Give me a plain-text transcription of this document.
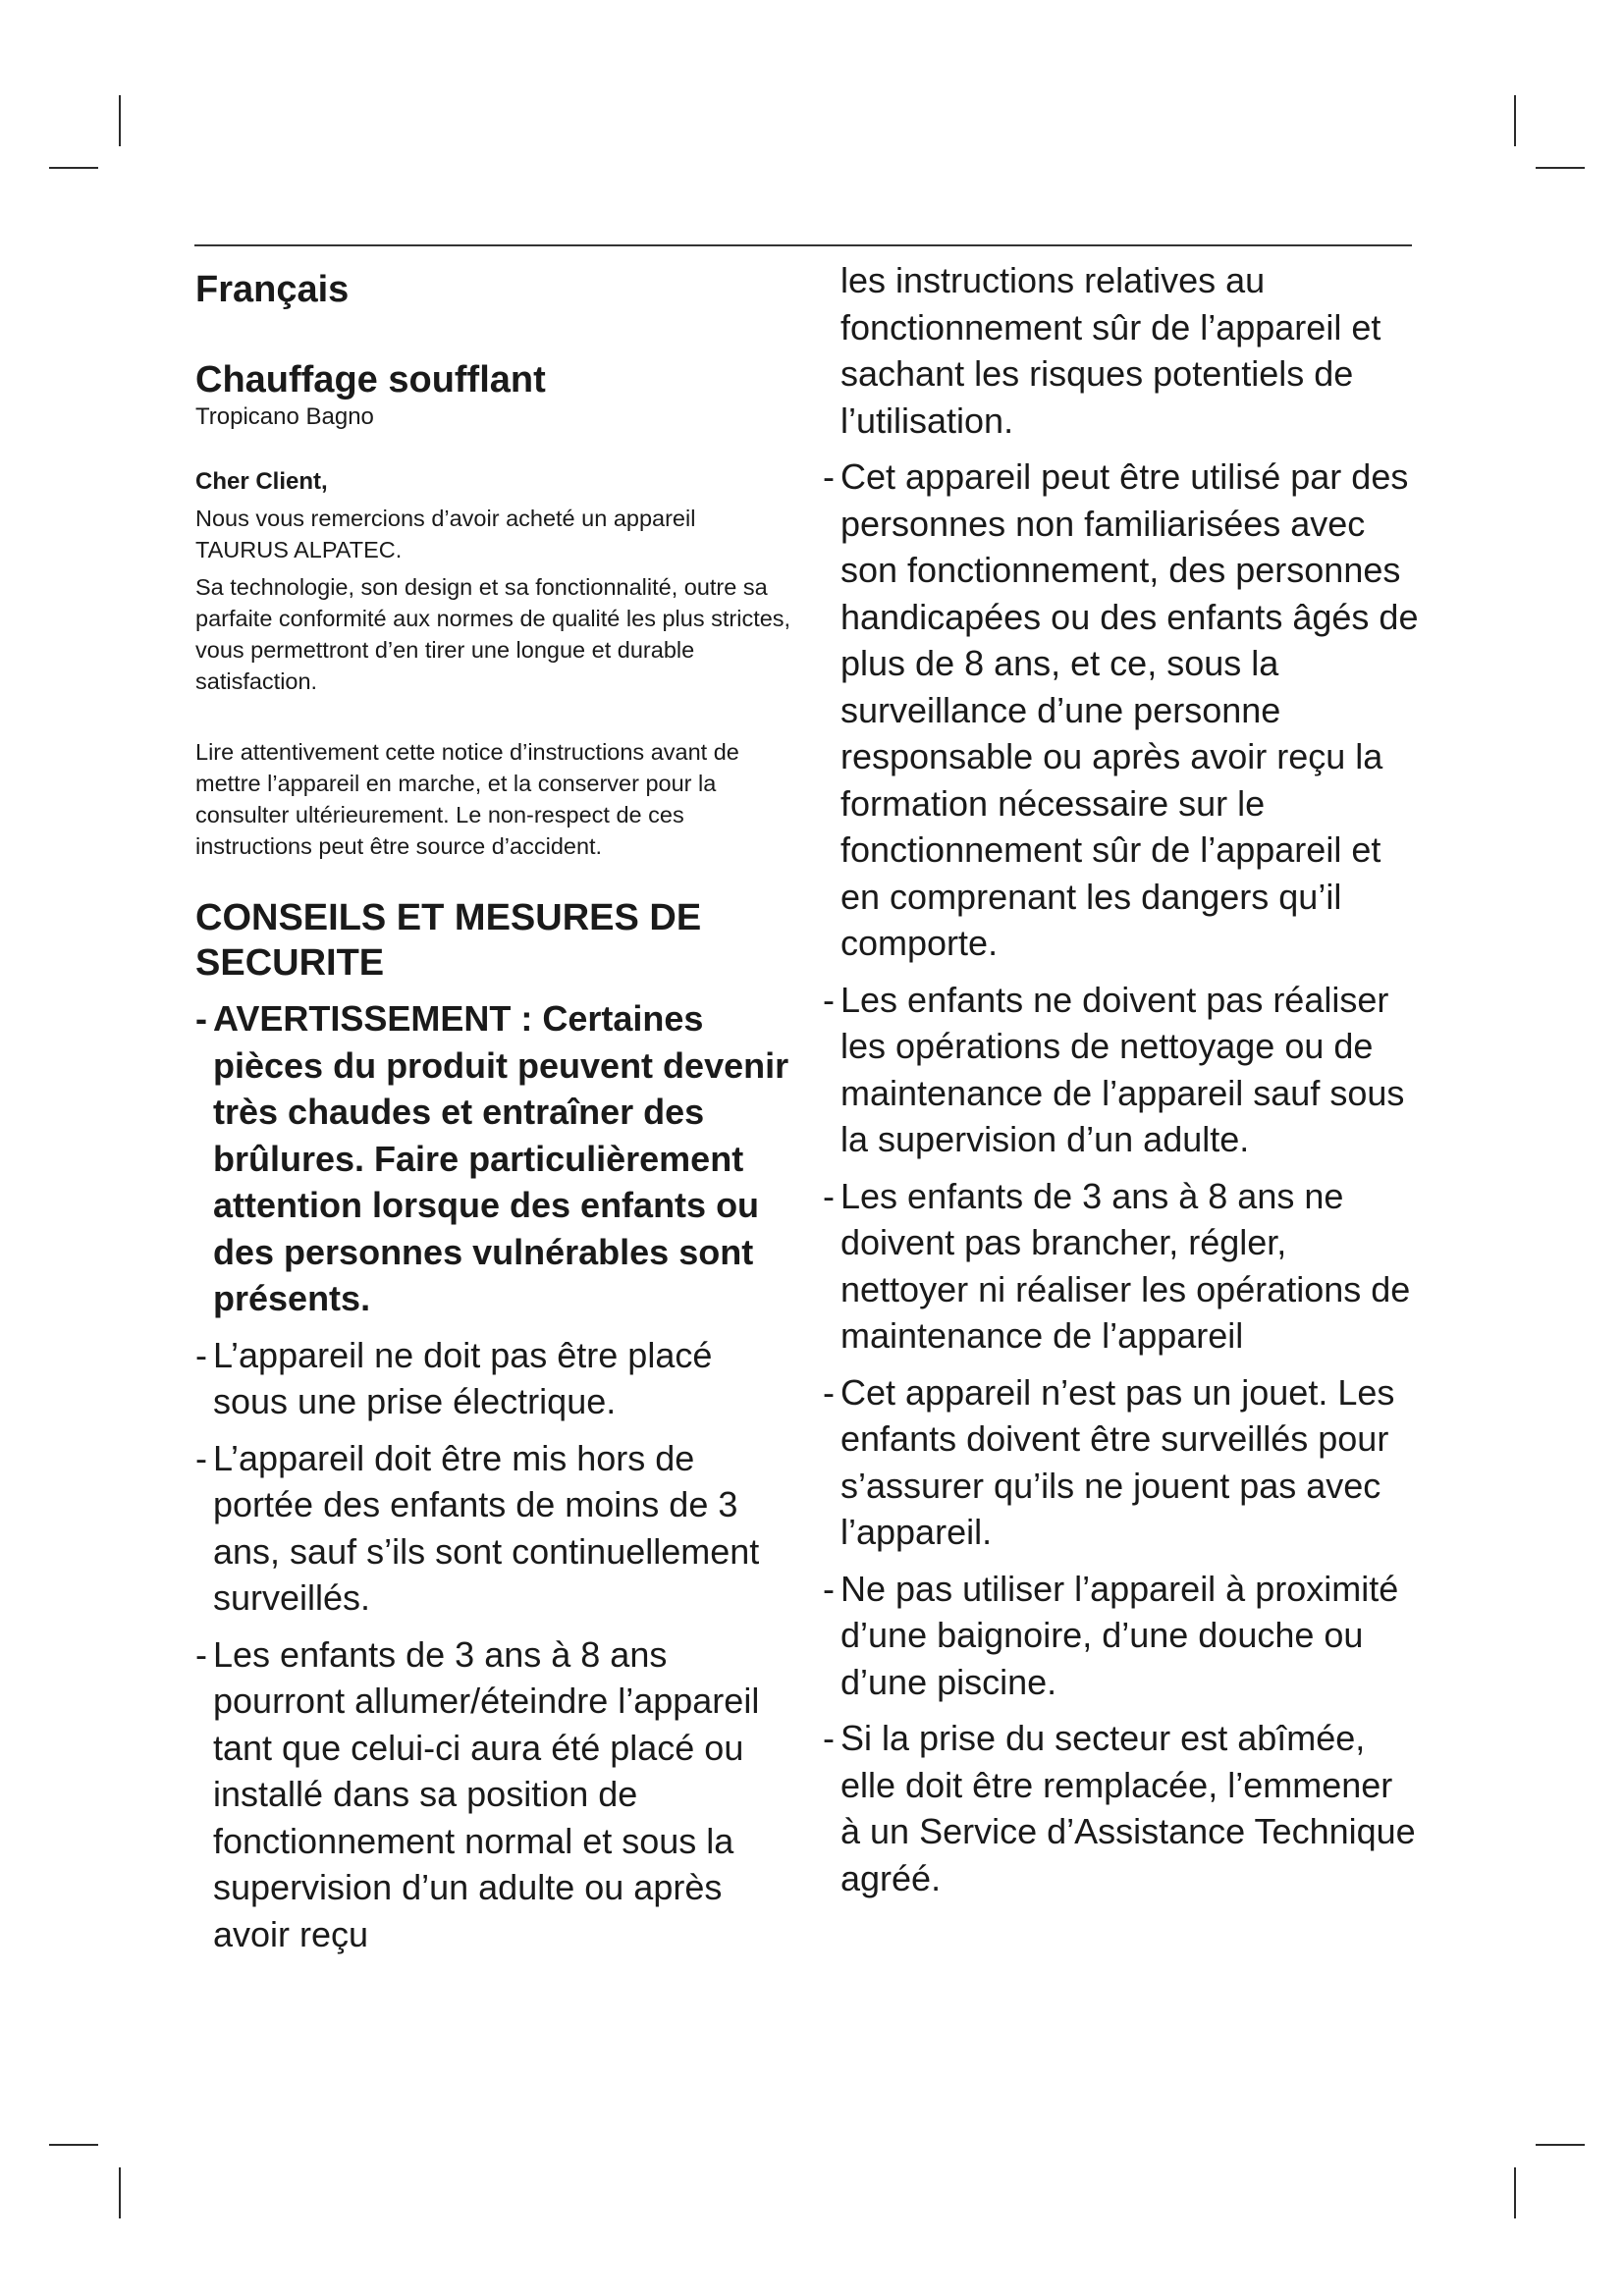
Français
Chauffage soufflant
Tropicano Bagno
Cher Client,

Nous vous remercions d’avoir acheté un appareil TAURUS ALPATEC.

Sa technologie, son design et sa fonctionnalité, outre sa parfaite conformité aux normes de qualité les plus strictes, vous permettront d’en tirer une longue et durable satisfaction.

Lire attentivement cette notice d’instructions avant de mettre l’appareil en marche, et la conserver pour la consulter ultérieurement. Le non-respect de ces instructions peut être source d’accident.

CONSEILS ET MESURES DE SECURITE
- AVERTISSEMENT : Certaines pièces du produit peuvent devenir très chaudes et entraîner des brûlures. Faire particulièrement attention lorsque des enfants ou des personnes vulnérables sont présents.
- L’appareil ne doit pas être placé sous une prise électrique.
- L’appareil doit être mis hors de portée des enfants de moins de 3 ans, sauf s’ils sont continuellement surveillés.
- Les enfants de 3 ans à 8 ans pourront allumer/éteindre l’appareil tant que celui-ci aura été placé ou installé dans sa position de fonctionnement normal et sous la supervision d’un adulte ou après avoir reçu
les instructions relatives au fonctionnement sûr de l’appareil et sachant les risques potentiels de l’utilisation.
- Cet appareil peut être utilisé par des personnes non familiarisées avec son fonctionnement, des personnes handicapées ou des enfants âgés de plus de 8 ans, et ce, sous la surveillance d’une personne responsable ou après avoir reçu la formation nécessaire sur le fonctionnement sûr de l’appareil et en comprenant les dangers qu’il comporte.
- Les enfants ne doivent pas réaliser les opérations de nettoyage ou de maintenance de l’appareil sauf sous la supervision d’un adulte.
- Les enfants de 3 ans à 8 ans ne doivent pas brancher, régler, nettoyer ni réaliser les opérations de maintenance de l’appareil
- Cet appareil n’est pas un jouet. Les enfants doivent être surveillés pour s’assurer qu’ils ne jouent pas avec l’appareil.
- Ne pas utiliser l’appareil à proximité d’une baignoire, d’une douche ou d’une piscine.
- Si la prise du secteur est abîmée, elle doit être remplacée, l’emmener à un Service d’Assistance Technique agréé.
